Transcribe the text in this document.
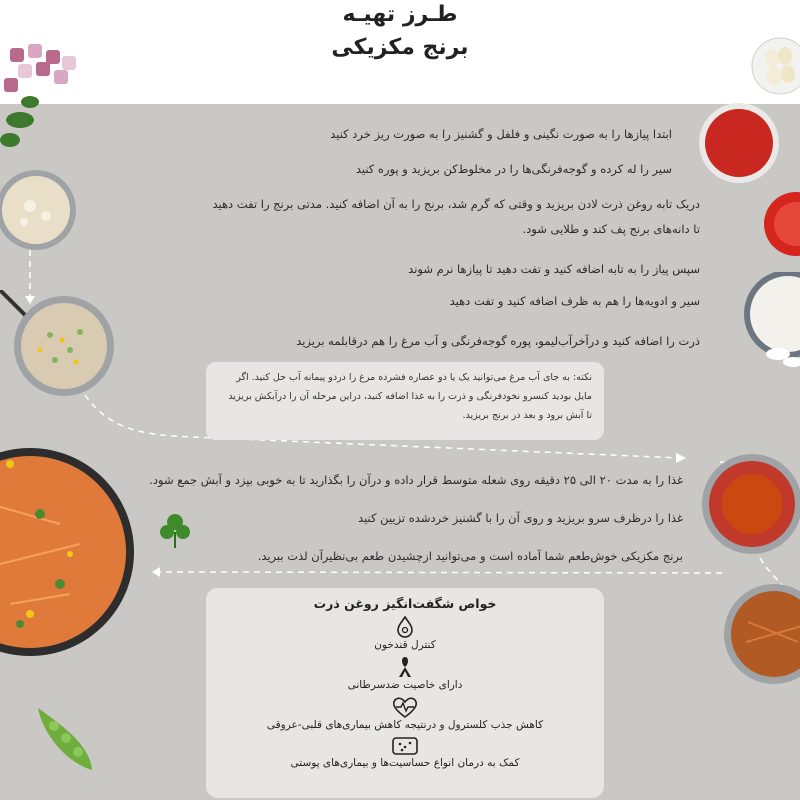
طـرز تهیـه
برنج مکزیکی
ابتدا پیازها را به صورت نگینی و فلفل و گشنیز را به صورت ریز خرد کنید
سیر را له کرده و گوجه‌فرنگی‌ها را در مخلوط‌کن بریزید و پوره کنید
دریک تابه روغن ذرت لادن بریزید و وقتی که گرم شد، برنج را به آن اضافه کنید. مدتی برنج را تفت دهید
تا دانه‌های برنج پف کند و طلایی شود.
سپس پیاز را به تابه اضافه کنید و تفت دهید تا پیازها نرم شوند
سیر و ادویه‌ها را هم به ظرف اضافه کنید و تفت دهید
ذرت را اضافه کنید و درآخرآب‌لیمو، پوره گوجه‌فرنگی و آب مرغ را هم درقابلمه بریزید
نکته: به جای آب مرغ می‌توانید یک یا دو عصاره فشرده مرغ را دردو پیمانه آب حل کنید. اگر
مایل بودید کنسرو نخودفرنگی و ذرت را به غذا اضافه کنید، دراین مرحله آن را درآبکش بریزید
تا آبش برود و بعد در برنج بریزید.
غذا را به مدت ۲۰ الی ۲۵ دقیقه روی شعله متوسط قرار داده و درآن را بگذارید تا به خوبی بپزد و آبش جمع شود.
غذا را درظرف سرو بریزید و روی آن را با گشنیز خردشده تزیین کنید
برنج مکزیکی خوش‌طعم شما آماده است و می‌توانید ازچشیدن طعم بی‌نظیرآن لذت ببرید.
خواص شگفت‌انگیز روغن ذرت
کنترل قندخون
دارای خاصیت ضدسرطانی
کاهش جذب کلسترول و درنتیجه کاهش بیماری‌های قلبی-عروقی
کمک به درمان انواع حساسیت‌ها و بیماری‌های پوستی
